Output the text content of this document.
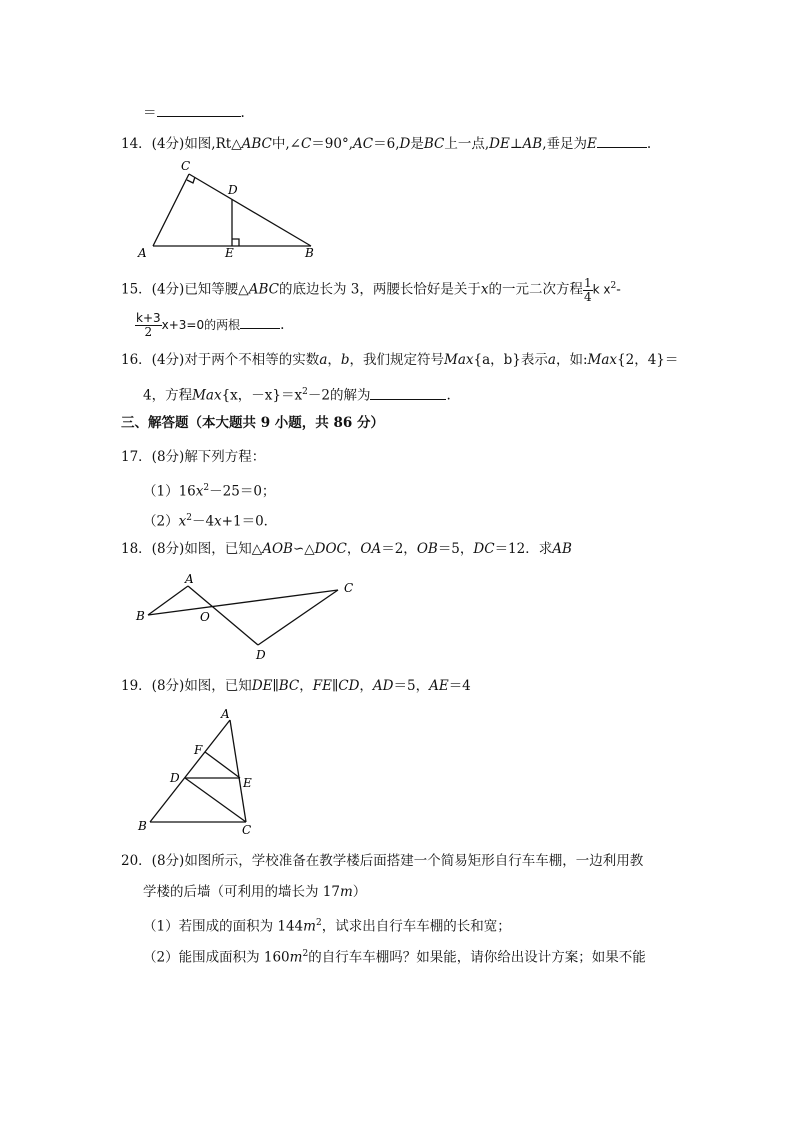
＝	.
14．(4分)如图,Rt△ABC中,∠C＝90°,AC＝6,D是BC上一点,DE⊥AB,垂足为E	.
C
D
A	E	B
15．(4分)已知等腰△ABC的底边长为 3，两腰长恰好是关于x的一元二次方程 $\frac{1}{4}$ k $x^2-$
$\frac{k+3}{2} x+3=0$的两根	.
16．(4分)对于两个不相等的实数a，b，我们规定符号Max{a，b}表示a，如:Max{2，4}＝
4，方程Max{x，$-x\}=x^2-2$的解为	.
三、解答题（本大题共 9 小题，共 86 分）
17．(8分)解下列方程：
$(1)16x^2-25=0$；
$(2)x^2-4x+1=0$．
18．(8分)如图，已知△AOB∽△DOC，OA＝2，OB＝5，DC＝12．求AB
A
B	O
C
D
19．(8分)如图，已知DE∥BC，FE∥CD，AD＝5，AE＝4
A
F
D	E
B	C
20．(8分)如图所示，学校准备在教学楼后面搭建一个简易矩形自行车车棚，一边利用教
学楼的后墙（可利用的墙长为 17m）
（1）若围成的面积为 $144m^2$，试求出自行车车棚的长和宽；
（2）能围成面积为 $160m^2$的自行车车棚吗？如果能，请你给出设计方案；如果不能
